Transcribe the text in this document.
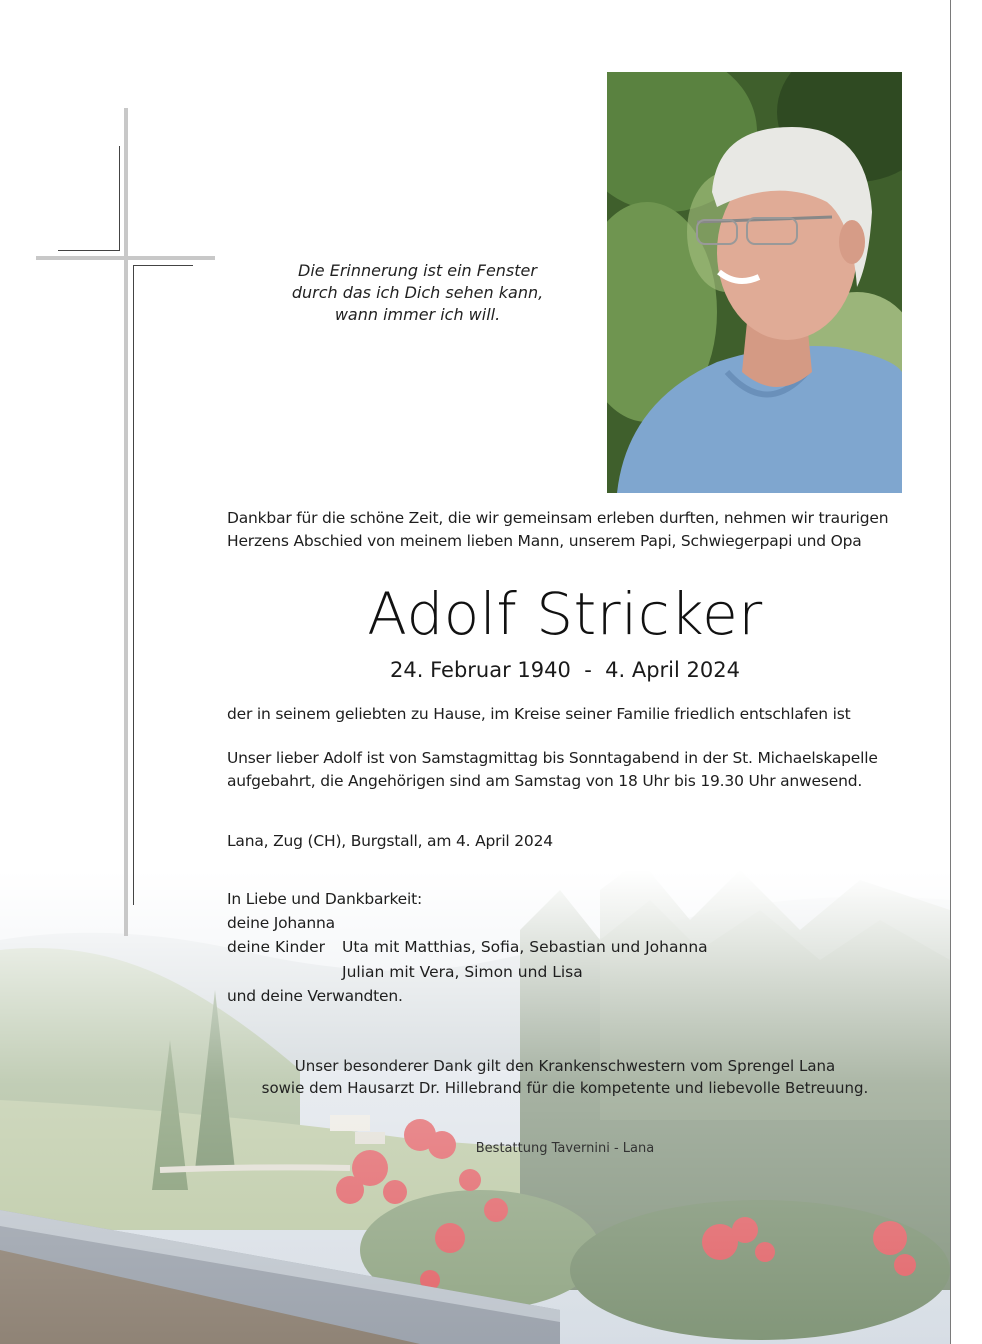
Die Erinnerung ist ein Fenster
durch das ich Dich sehen kann,
wann immer ich will.
Dankbar für die schöne Zeit, die wir gemeinsam erleben durften, nehmen wir traurigen
Herzens Abschied von meinem lieben Mann, unserem Papi, Schwiegerpapi und Opa
Adolf Stricker
24. Februar 1940  -  4. April 2024
der in seinem geliebten zu Hause, im Kreise seiner Familie friedlich entschlafen ist
Unser lieber Adolf ist von Samstagmittag bis Sonntagabend in der St. Michaelskapelle
aufgebahrt, die Angehörigen sind am Samstag von 18 Uhr bis 19.30 Uhr anwesend.
Lana, Zug (CH), Burgstall, am 4. April 2024
In Liebe und Dankbarkeit:
deine Johanna
deine Kinder Uta mit Matthias, Sofia, Sebastian und Johanna
Julian mit Vera, Simon und Lisa
und deine Verwandten.
Unser besonderer Dank gilt den Krankenschwestern vom Sprengel Lana
sowie dem Hausarzt Dr. Hillebrand für die kompetente und liebevolle Betreuung.
Bestattung Tavernini - Lana
